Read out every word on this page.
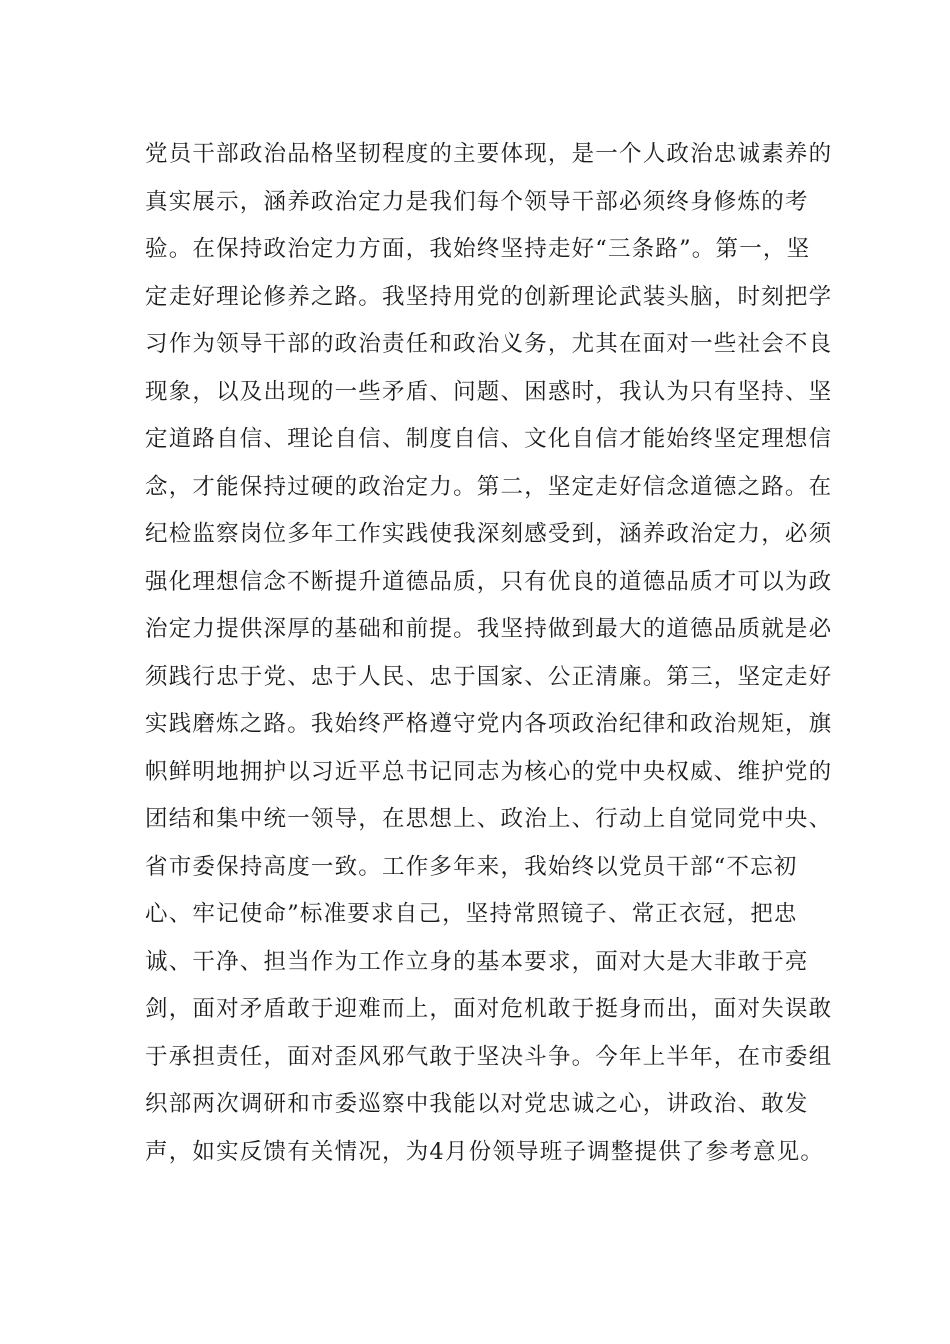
党员干部政治品格坚韧程度的主要体现，是一个人政治忠诚素养的
真实展示，涵养政治定力是我们每个领导干部必须终身修炼的考
验。在保持政治定力方面，我始终坚持走好“三条路”。第一，坚
定走好理论修养之路。我坚持用党的创新理论武装头脑，时刻把学
习作为领导干部的政治责任和政治义务，尤其在面对一些社会不良
现象，以及出现的一些矛盾、问题、困惑时，我认为只有坚持、坚
定道路自信、理论自信、制度自信、文化自信才能始终坚定理想信
念，才能保持过硬的政治定力。第二，坚定走好信念道德之路。在
纪检监察岗位多年工作实践使我深刻感受到，涵养政治定力，必须
强化理想信念不断提升道德品质，只有优良的道德品质才可以为政
治定力提供深厚的基础和前提。我坚持做到最大的道德品质就是必
须践行忠于党、忠于人民、忠于国家、公正清廉。第三，坚定走好
实践磨炼之路。我始终严格遵守党内各项政治纪律和政治规矩，旗
帜鲜明地拥护以习近平总书记同志为核心的党中央权威、维护党的
团结和集中统一领导，在思想上、政治上、行动上自觉同党中央、
省市委保持高度一致。工作多年来，我始终以党员干部“不忘初
心、牢记使命”标准要求自己，坚持常照镜子、常正衣冠，把忠
诚、干净、担当作为工作立身的基本要求，面对大是大非敢于亮
剑，面对矛盾敢于迎难而上，面对危机敢于挺身而出，面对失误敢
于承担责任，面对歪风邪气敢于坚决斗争。今年上半年，在市委组
织部两次调研和市委巡察中我能以对党忠诚之心，讲政治、敢发
声，如实反馈有关情况，为4月份领导班子调整提供了参考意见。
